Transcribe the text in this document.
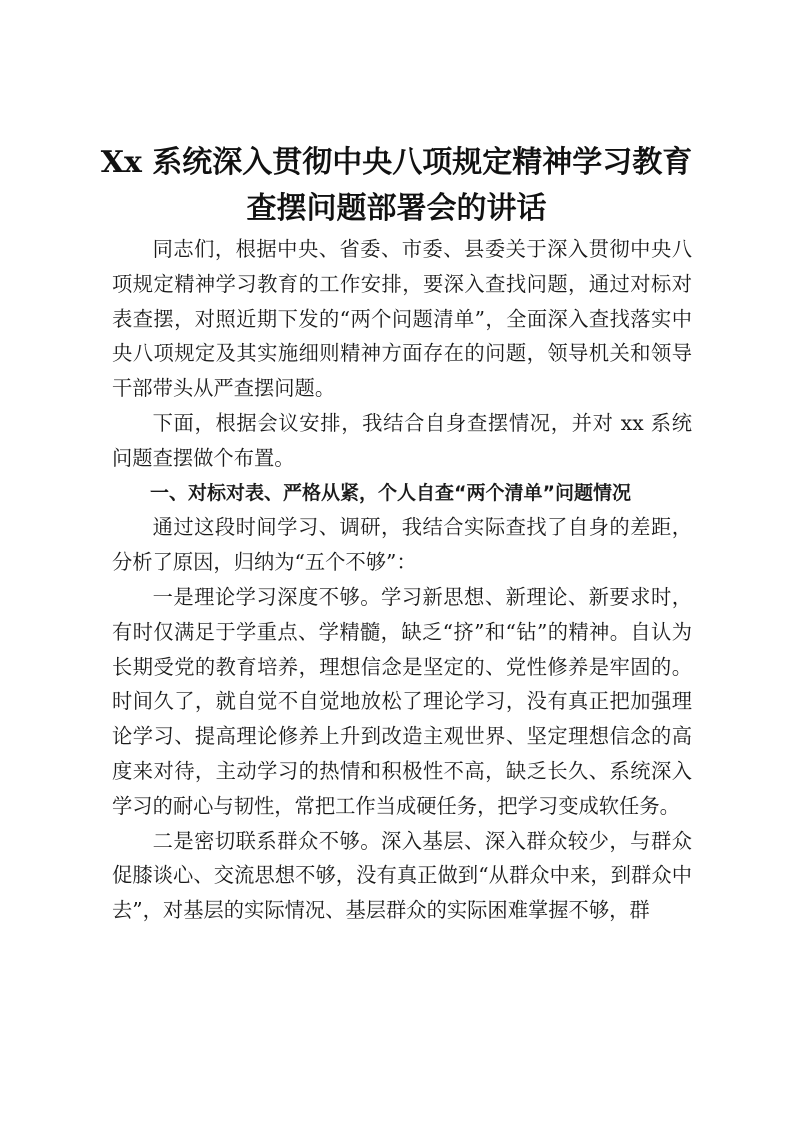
Xx 系统深入贯彻中央八项规定精神学习教育
查摆问题部署会的讲话

同志们，根据中央、省委、市委、县委关于深入贯彻中央八项规定精神学习教育的工作安排，要深入查找问题，通过对标对表查摆，对照近期下发的“两个问题清单”，全面深入查找落实中央八项规定及其实施细则精神方面存在的问题，领导机关和领导干部带头从严查摆问题。

下面，根据会议安排，我结合自身查摆情况，并对 xx 系统问题查摆做个布置。

一、对标对表、严格从紧，个人自查“两个清单”问题情况

通过这段时间学习、调研，我结合实际查找了自身的差距，分析了原因，归纳为“五个不够”：

一是理论学习深度不够。学习新思想、新理论、新要求时，有时仅满足于学重点、学精髓，缺乏“挤”和“钻”的精神。自认为长期受党的教育培养，理想信念是坚定的、党性修养是牢固的。时间久了，就自觉不自觉地放松了理论学习，没有真正把加强理论学习、提高理论修养上升到改造主观世界、坚定理想信念的高度来对待，主动学习的热情和积极性不高，缺乏长久、系统深入学习的耐心与韧性，常把工作当成硬任务，把学习变成软任务。

二是密切联系群众不够。深入基层、深入群众较少，与群众促膝谈心、交流思想不够，没有真正做到“从群众中来，到群众中去”，对基层的实际情况、基层群众的实际困难掌握不够，群
